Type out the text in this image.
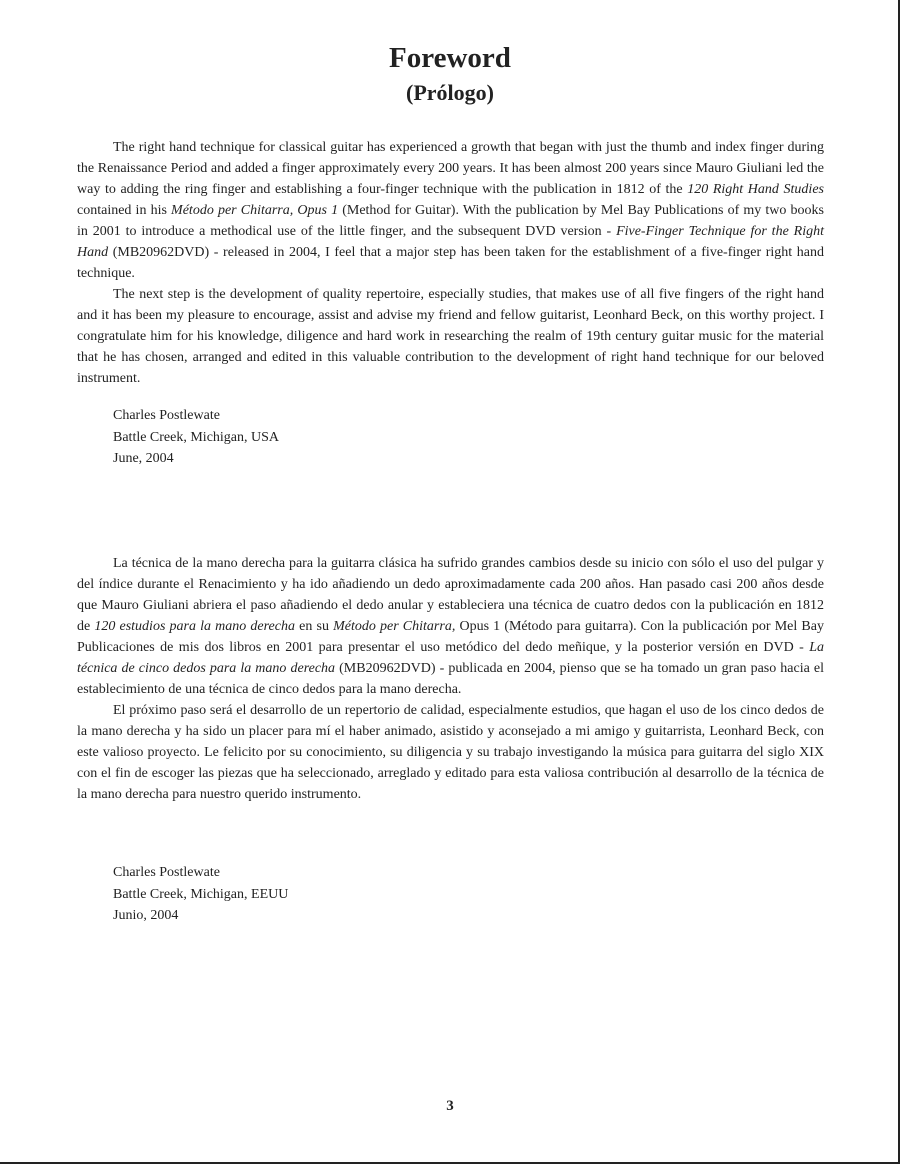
Foreword
(Prólogo)

The right hand technique for classical guitar has experienced a growth that began with just the thumb and index finger during the Renaissance Period and added a finger approximately every 200 years. It has been almost 200 years since Mauro Giuliani led the way to adding the ring finger and establishing a four-finger technique with the publication in 1812 of the 120 Right Hand Studies contained in his Método per Chitarra, Opus 1 (Method for Guitar). With the publication by Mel Bay Publications of my two books in 2001 to introduce a methodical use of the little finger, and the subsequent DVD version - Five-Finger Technique for the Right Hand (MB20962DVD) - released in 2004, I feel that a major step has been taken for the establishment of a five-finger right hand technique.

The next step is the development of quality repertoire, especially studies, that makes use of all five fingers of the right hand and it has been my pleasure to encourage, assist and advise my friend and fellow guitarist, Leonhard Beck, on this worthy project. I congratulate him for his knowledge, diligence and hard work in researching the realm of 19th century guitar music for the material that he has chosen, arranged and edited in this valuable contribution to the development of right hand technique for our beloved instrument.

Charles Postlewate
Battle Creek, Michigan, USA
June, 2004

La técnica de la mano derecha para la guitarra clásica ha sufrido grandes cambios desde su inicio con sólo el uso del pulgar y del índice durante el Renacimiento y ha ido añadiendo un dedo aproximadamente cada 200 años. Han pasado casi 200 años desde que Mauro Giuliani abriera el paso añadiendo el dedo anular y estableciera una técnica de cuatro dedos con la publicación en 1812 de 120 estudios para la mano derecha en su Método per Chitarra, Opus 1 (Método para guitarra). Con la publicación por Mel Bay Publicaciones de mis dos libros en 2001 para presentar el uso metódico del dedo meñique, y la posterior versión en DVD - La técnica de cinco dedos para la mano derecha (MB20962DVD) - publicada en 2004, pienso que se ha tomado un gran paso hacia el establecimiento de una técnica de cinco dedos para la mano derecha.

El próximo paso será el desarrollo de un repertorio de calidad, especialmente estudios, que hagan el uso de los cinco dedos de la mano derecha y ha sido un placer para mí el haber animado, asistido y aconsejado a mi amigo y guitarrista, Leonhard Beck, con este valioso proyecto. Le felicito por su conocimiento, su diligencia y su trabajo investigando la música para guitarra del siglo XIX con el fin de escoger las piezas que ha seleccionado, arreglado y editado para esta valiosa contribución al desarrollo de la técnica de la mano derecha para nuestro querido instrumento.

Charles Postlewate
Battle Creek, Michigan, EEUU
Junio, 2004
3
